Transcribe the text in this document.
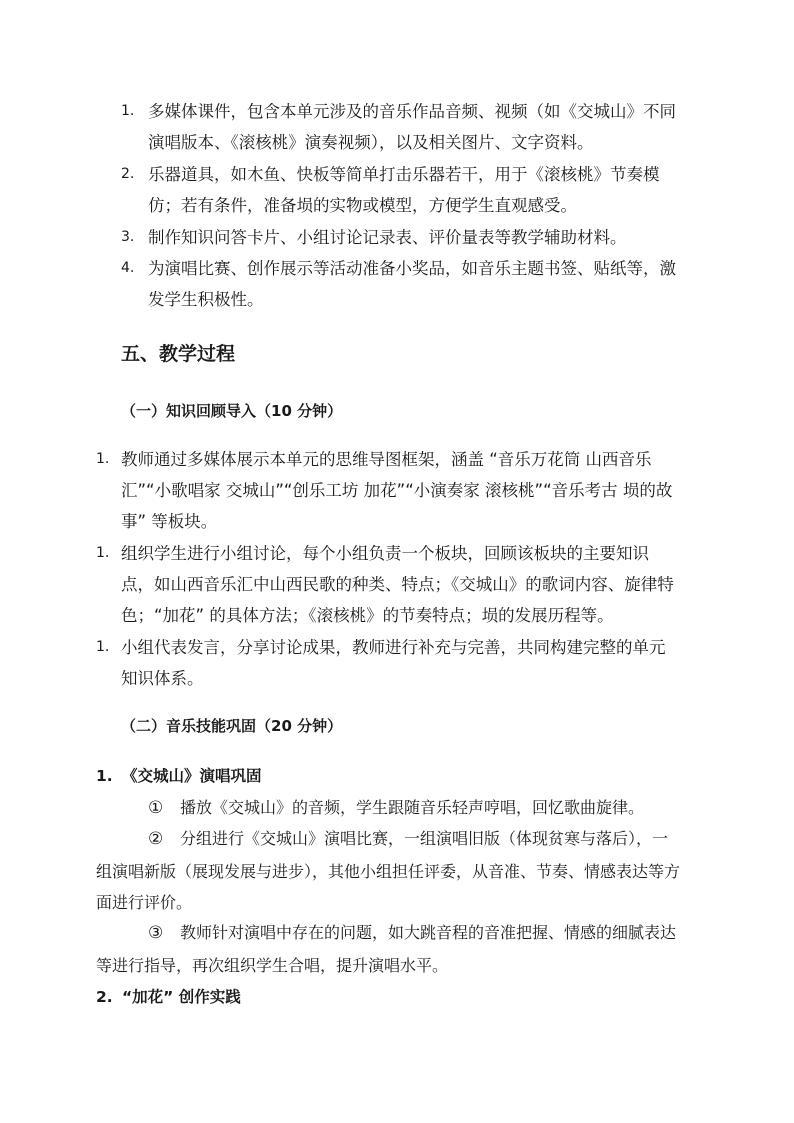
1. 多媒体课件，包含本单元涉及的音乐作品音频、视频（如《交城山》不同演唱版本、《滚核桃》演奏视频），以及相关图片、文字资料。
2. 乐器道具，如木鱼、快板等简单打击乐器若干，用于《滚核桃》节奏模仿；若有条件，准备埙的实物或模型，方便学生直观感受。
3. 制作知识问答卡片、小组讨论记录表、评价量表等教学辅助材料。
4. 为演唱比赛、创作展示等活动准备小奖品，如音乐主题书签、贴纸等，激发学生积极性。
五、教学过程
（一）知识回顾导入（10 分钟）
1. 教师通过多媒体展示本单元的思维导图框架，涵盖 “音乐万花筒 山西音乐汇”“小歌唱家 交城山”“创乐工坊 加花”“小演奏家 滚核桃”“音乐考古 埙的故事” 等板块。
1. 组织学生进行小组讨论，每个小组负责一个板块，回顾该板块的主要知识点，如山西音乐汇中山西民歌的种类、特点；《交城山》的歌词内容、旋律特色；“加花” 的具体方法；《滚核桃》的节奏特点；埙的发展历程等。
1. 小组代表发言，分享讨论成果，教师进行补充与完善，共同构建完整的单元知识体系。
（二）音乐技能巩固（20 分钟）
1. 《交城山》演唱巩固
① 播放《交城山》的音频，学生跟随音乐轻声哼唱，回忆歌曲旋律。
② 分组进行《交城山》演唱比赛，一组演唱旧版（体现贫寒与落后），一组演唱新版（展现发展与进步），其他小组担任评委，从音准、节奏、情感表达等方面进行评价。
③ 教师针对演唱中存在的问题，如大跳音程的音准把握、情感的细腻表达等进行指导，再次组织学生合唱，提升演唱水平。
2. “加花” 创作实践
